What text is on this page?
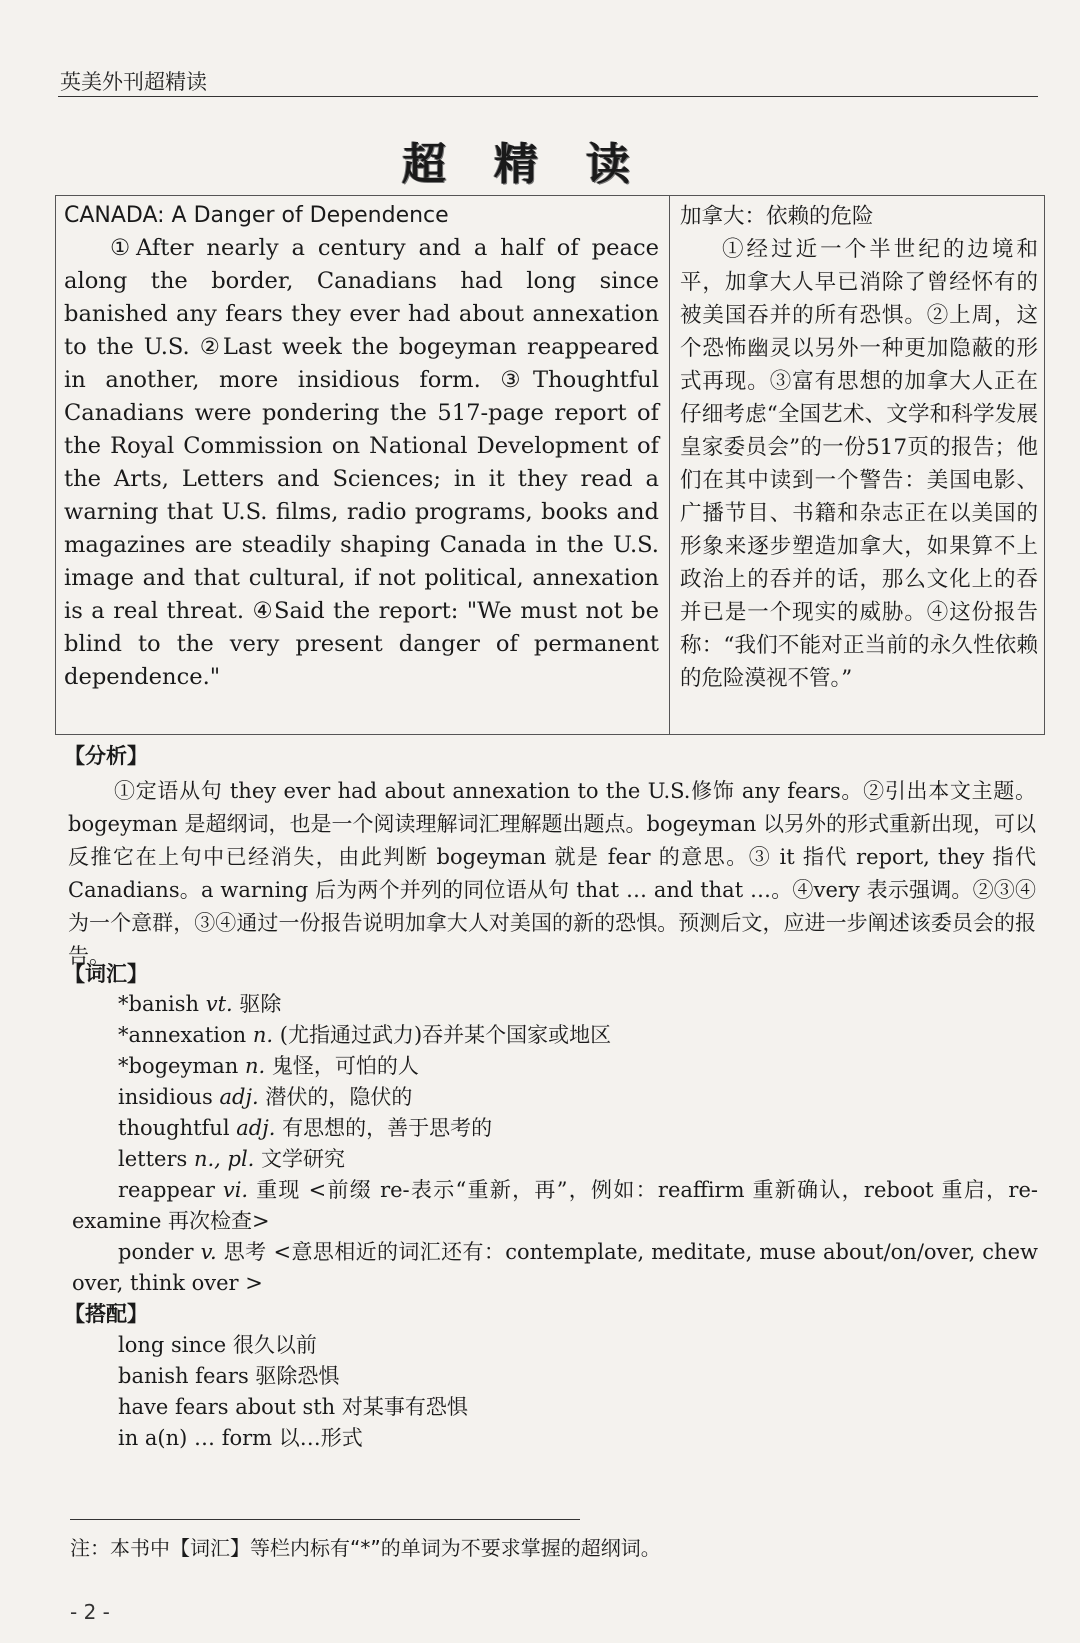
英美外刊超精读
超精读
CANADA: A Danger of Dependence

①After nearly a century and a half of peace along the border, Canadians had long since banished any fears they ever had about annexation to the U.S. ②Last week the bogeyman reappeared in another, more insidious form. ③Thoughtful Canadians were pondering the 517-page report of the Royal Commission on National Development of the Arts, Letters and Sciences; in it they read a warning that U.S. films, radio programs, books and magazines are steadily shaping Canada in the U.S. image and that cultural, if not political, annexation is a real threat. ④Said the report: "We must not be blind to the very present danger of permanent dependence."

加拿大：依赖的危险

①经过近一个半世纪的边境和平，加拿大人早已消除了曾经怀有的被美国吞并的所有恐惧。②上周，这个恐怖幽灵以另外一种更加隐蔽的形式再现。③富有思想的加拿大人正在仔细考虑“全国艺术、文学和科学发展皇家委员会”的一份517页的报告；他们在其中读到一个警告：美国电影、广播节目、书籍和杂志正在以美国的形象来逐步塑造加拿大，如果算不上政治上的吞并的话，那么文化上的吞并已是一个现实的威胁。④这份报告称：“我们不能对正当前的永久性依赖的危险漠视不管。”

【分析】

①定语从句 they ever had about annexation to the U.S.修饰 any fears。②引出本文主题。bogeyman 是超纲词，也是一个阅读理解词汇理解题出题点。bogeyman 以另外的形式重新出现，可以反推它在上句中已经消失，由此判断 bogeyman 就是 fear 的意思。③ it 指代 report, they 指代 Canadians。a warning 后为两个并列的同位语从句 that … and that …。④very 表示强调。②③④为一个意群，③④通过一份报告说明加拿大人对美国的新的恐惧。预测后文，应进一步阐述该委员会的报告。

【词汇】
*banish vt. 驱除
*annexation n. (尤指通过武力)吞并某个国家或地区
*bogeyman n. 鬼怪，可怕的人
insidious adj. 潜伏的，隐伏的
thoughtful adj. 有思想的，善于思考的
letters n., pl. 文学研究
reappear vi. 重现 <前缀 re-表示“重新，再”，例如：reaffirm 重新确认，reboot 重启，re-examine 再次检查>
ponder v. 思考 <意思相近的词汇还有：contemplate, meditate, muse about/on/over, chew over, think over >
【搭配】
long since 很久以前
banish fears 驱除恐惧
have fears about sth 对某事有恐惧
in a(n) … form 以…形式
注：本书中【词汇】等栏内标有“*”的单词为不要求掌握的超纲词。
- 2 -
